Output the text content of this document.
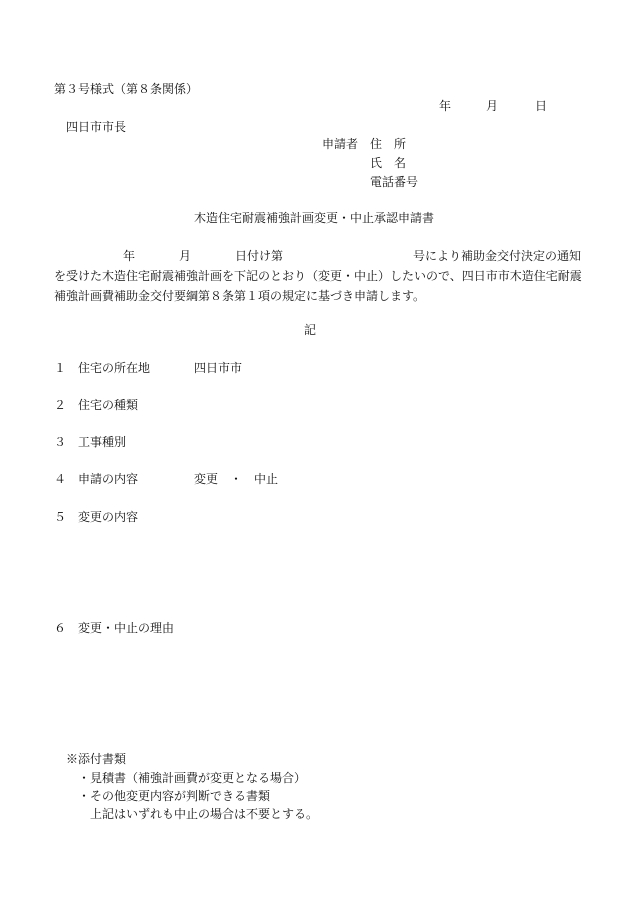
第３号様式（第８条関係）
年	月	日
四日市市長
申請者 住　所
氏　名
電話番号
木造住宅耐震補強計画変更・中止承認申請書
年	月	日付け第	号により補助金交付決定の通知
を受けた木造住宅耐震補強計画を下記のとおり（変更・中止）したいので、四日市市木造住宅耐震
補強計画費補助金交付要綱第８条第１項の規定に基づき申請します。
記
１ 住宅の所在地	四日市市
２ 住宅の種類
３ 工事種別
４ 申請の内容	変更　・　中止
５ 変更の内容
６ 変更・中止の理由
※添付書類
・見積書（補強計画費が変更となる場合）
・その他変更内容が判断できる書類
上記はいずれも中止の場合は不要とする。
